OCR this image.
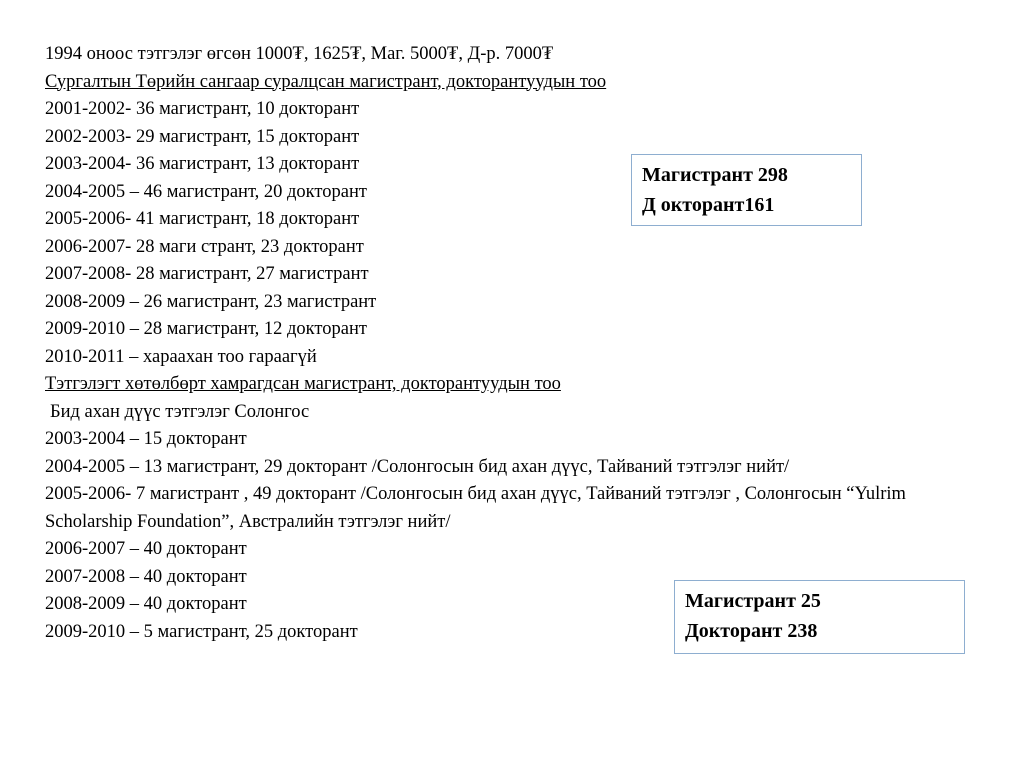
1994 оноос тэтгэлэг өгсөн 1000₮, 1625₮, Маг. 5000₮, Д-р. 7000₮
Сургалтын Төрийн сангаар суралцсан магистрант, докторантуудын тоо
2001-2002- 36 магистрант, 10 докторант
2002-2003- 29 магистрант, 15 докторант
2003-2004- 36 магистрант, 13 докторант
2004-2005 – 46 магистрант, 20 докторант
2005-2006- 41 магистрант, 18 докторант
2006-2007- 28 маги странт, 23 докторант
2007-2008- 28 магистрант, 27 магистрант
2008-2009 – 26 магистрант, 23 магистрант
2009-2010 – 28 магистрант, 12 докторант
2010-2011 – хараахан тоо гараагүй
Тэтгэлэгт хөтөлбөрт хамрагдсан магистрант, докторантуудын тоо
Бид ахан дүүс тэтгэлэг Солонгос
2003-2004 – 15 докторант
2004-2005 – 13 магистрант, 29 докторант /Солонгосын бид ахан дүүс, Тайваний тэтгэлэг нийт/
2005-2006- 7 магистрант , 49 докторант /Солонгосын бид ахан дүүс, Тайваний тэтгэлэг , Солонгосын “Yulrim Scholarship Foundation”, Австралийн тэтгэлэг нийт/
2006-2007 – 40 докторант
2007-2008 – 40 докторант
2008-2009 – 40 докторант
2009-2010 – 5 магистрант, 25 докторант
Магистрант 298
Д окторант161
Магистрант 25
Докторант 238
